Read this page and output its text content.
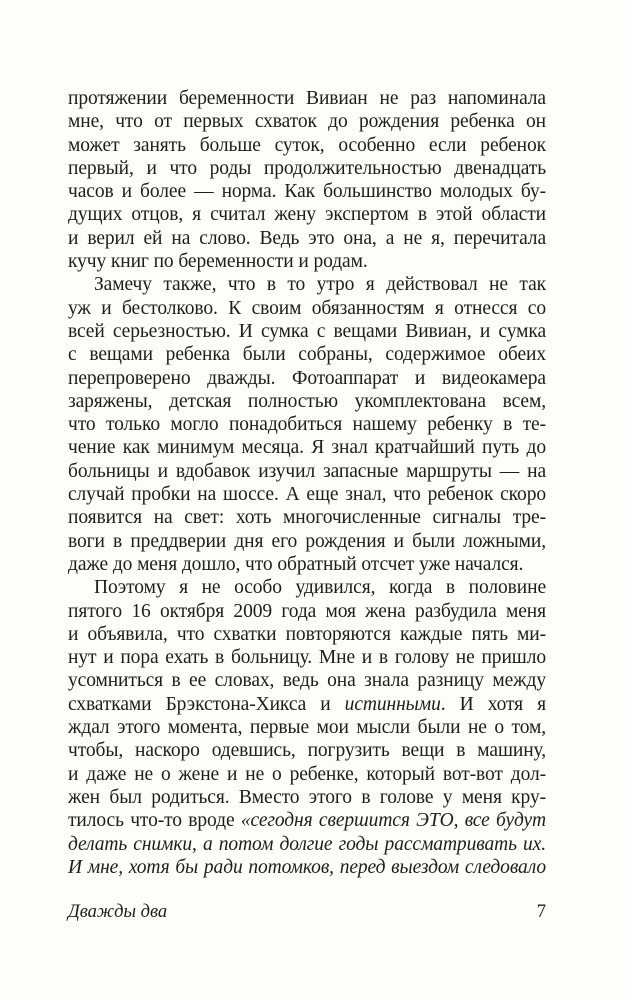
протяжении беременности Вивиан не раз напоминала
мне, что от первых схваток до рождения ребенка он
может занять больше суток, особенно если ребенок
первый, и что роды продолжительностью двенадцать
часов и более — норма. Как большинство молодых бу-
дущих отцов, я считал жену экспертом в этой области
и верил ей на слово. Ведь это она, а не я, перечитала
кучу книг по беременности и родам.
Замечу также, что в то утро я действовал не так
уж и бестолково. К своим обязанностям я отнесся со
всей серьезностью. И сумка с вещами Вивиан, и сумка
с вещами ребенка были собраны, содержимое обеих
перепроверено дважды. Фотоаппарат и видеокамера
заряжены, детская полностью укомплектована всем,
что только могло понадобиться нашему ребенку в те-
чение как минимум месяца. Я знал кратчайший путь до
больницы и вдобавок изучил запасные маршруты — на
случай пробки на шоссе. А еще знал, что ребенок скоро
появится на свет: хоть многочисленные сигналы тре-
воги в преддверии дня его рождения и были ложными,
даже до меня дошло, что обратный отсчет уже начался.
Поэтому я не особо удивился, когда в половине
пятого 16 октября 2009 года моя жена разбудила меня
и объявила, что схватки повторяются каждые пять ми-
нут и пора ехать в больницу. Мне и в голову не пришло
усомниться в ее словах, ведь она знала разницу между
схватками Брэкстона-Хикса и истинными. И хотя я
ждал этого момента, первые мои мысли были не о том,
чтобы, наскоро одевшись, погрузить вещи в машину,
и даже не о жене и не о ребенке, который вот-вот дол-
жен был родиться. Вместо этого в голове у меня кру-
тилось что-то вроде «сегодня свершится ЭТО, все будут
делать снимки, а потом долгие годы рассматривать их.
И мне, хотя бы ради потомков, перед выездом следовало
Дважды два	7
